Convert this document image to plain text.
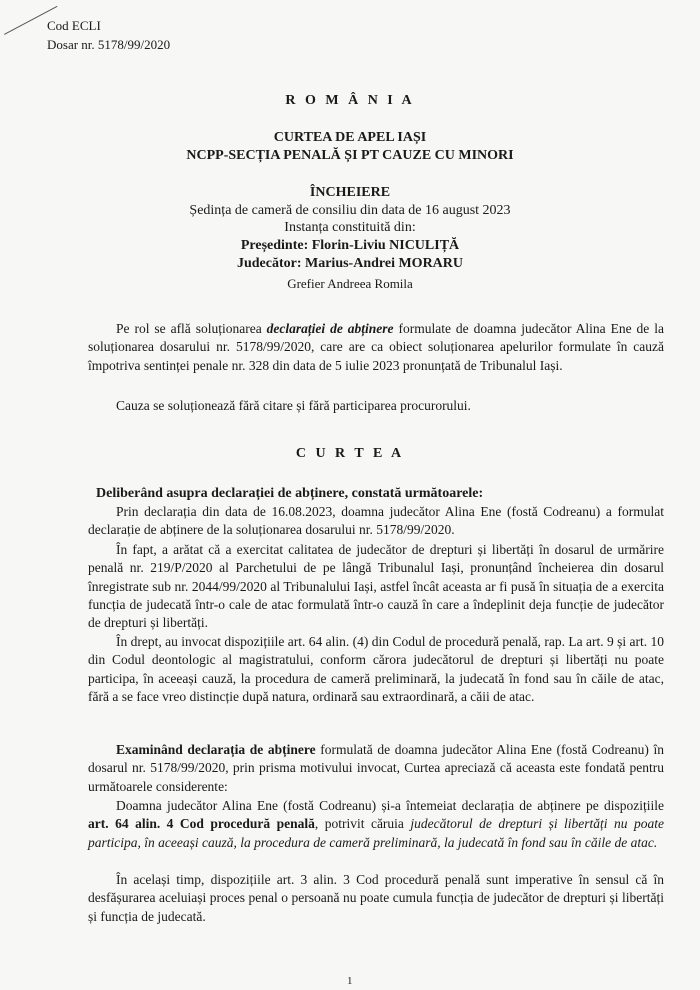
Cod ECLI
Dosar nr. 5178/99/2020
R O M Â N I A
CURTEA DE APEL IAȘI
NCPP-SECȚIA PENALĂ ȘI PT CAUZE CU MINORI
ÎNCHEIERE
Ședința de cameră de consiliu din data de 16 august 2023
Instanța constituită din:
Președinte: Florin-Liviu NICULIȚĂ
Judecător: Marius-Andrei MORARU
Grefier Andreea Romila
Pe rol se află soluționarea declarației de abținere formulate de doamna judecător Alina Ene de la soluționarea dosarului nr. 5178/99/2020, care are ca obiect soluționarea apelurilor formulate în cauză împotriva sentinței penale nr. 328 din data de 5 iulie 2023 pronunțată de Tribunalul Iași.
Cauza se soluționează fără citare și fără participarea procurorului.
C U R T E A
Deliberând asupra declarației de abținere, constată următoarele:
Prin declarația din data de 16.08.2023, doamna judecător Alina Ene (fostă Codreanu) a formulat declarație de abținere de la soluționarea dosarului nr. 5178/99/2020.
În fapt, a arătat că a exercitat calitatea de judecător de drepturi și libertăți în dosarul de urmărire penală nr. 219/P/2020 al Parchetului de pe lângă Tribunalul Iași, pronunțând încheierea din dosarul înregistrate sub nr. 2044/99/2020 al Tribunalului Iași, astfel încât aceasta ar fi pusă în situația de a exercita funcția de judecată într-o cale de atac formulată într-o cauză în care a îndeplinit deja funcție de judecător de drepturi și libertăți.
În drept, au invocat dispozițiile art. 64 alin. (4) din Codul de procedură penală, rap. La art. 9 și art. 10 din Codul deontologic al magistratului, conform cărora judecătorul de drepturi și libertăți nu poate participa, în aceeași cauză, la procedura de cameră preliminară, la judecată în fond sau în căile de atac, fără a se face vreo distincție după natura, ordinară sau extraordinară, a căii de atac.
Examinând declarația de abținere formulată de doamna judecător Alina Ene (fostă Codreanu) în dosarul nr. 5178/99/2020, prin prisma motivului invocat, Curtea apreciază că aceasta este fondată pentru următoarele considerente:
Doamna judecător Alina Ene (fostă Codreanu) și-a întemeiat declarația de abținere pe dispozițiile art. 64 alin. 4 Cod procedură penală, potrivit căruia judecătorul de drepturi și libertăți nu poate participa, în aceeași cauză, la procedura de cameră preliminară, la judecată în fond sau în căile de atac.
În același timp, dispozițiile art. 3 alin. 3 Cod procedură penală sunt imperative în sensul că în desfășurarea aceluiași proces penal o persoană nu poate cumula funcția de judecător de drepturi și libertăți și funcția de judecată.
1
